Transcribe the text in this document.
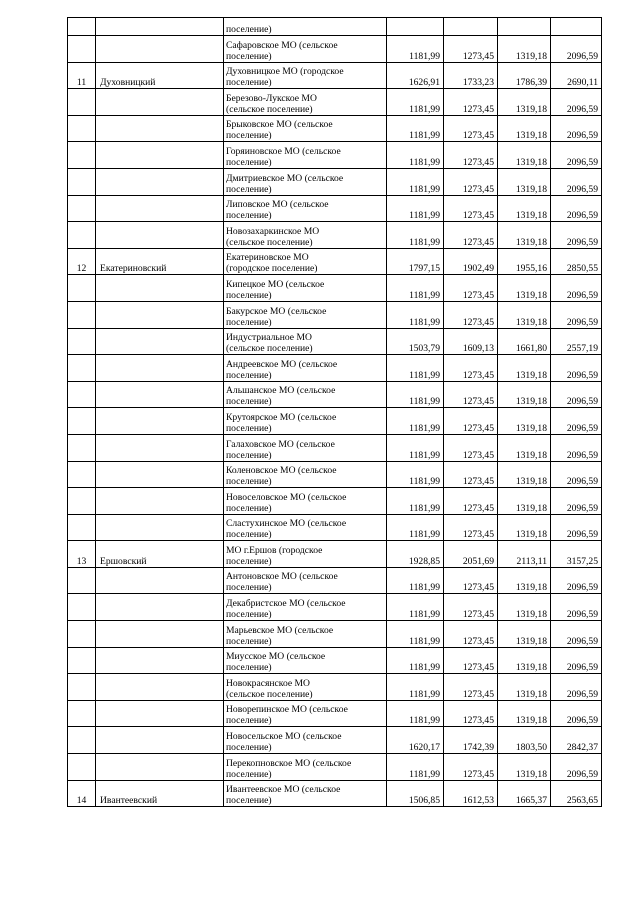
		поселение)				
		Сафаровское МО (сельское
поселение)	1181,99	1273,45	1319,18	2096,59
11	Духовницкий	Духовницкое МО (городское
поселение)	1626,91	1733,23	1786,39	2690,11
		Березово-Лукское МО
(сельское поселение)	1181,99	1273,45	1319,18	2096,59
		Брыковское МО (сельское
поселение)	1181,99	1273,45	1319,18	2096,59
		Горяиновское МО (сельское
поселение)	1181,99	1273,45	1319,18	2096,59
		Дмитриевское МО (сельское
поселение)	1181,99	1273,45	1319,18	2096,59
		Липовское МО (сельское
поселение)	1181,99	1273,45	1319,18	2096,59
		Новозахаркинское МО
(сельское поселение)	1181,99	1273,45	1319,18	2096,59
12	Екатериновский	Екатериновское МО
(городское поселение)	1797,15	1902,49	1955,16	2850,55
		Кипецкое МО (сельское
поселение)	1181,99	1273,45	1319,18	2096,59
		Бакурское МО (сельское
поселение)	1181,99	1273,45	1319,18	2096,59
		Индустриальное МО
(сельское поселение)	1503,79	1609,13	1661,80	2557,19
		Андреевское МО (сельское
поселение)	1181,99	1273,45	1319,18	2096,59
		Альшанское МО (сельское
поселение)	1181,99	1273,45	1319,18	2096,59
		Крутоярское МО (сельское
поселение)	1181,99	1273,45	1319,18	2096,59
		Галаховское МО (сельское
поселение)	1181,99	1273,45	1319,18	2096,59
		Коленовское МО (сельское
поселение)	1181,99	1273,45	1319,18	2096,59
		Новоселовское МО (сельское
поселение)	1181,99	1273,45	1319,18	2096,59
		Сластухинское МО (сельское
поселение)	1181,99	1273,45	1319,18	2096,59
13	Ершовский	МО г.Ершов (городское
поселение)	1928,85	2051,69	2113,11	3157,25
		Антоновское МО (сельское
поселение)	1181,99	1273,45	1319,18	2096,59
		Декабристское МО (сельское
поселение)	1181,99	1273,45	1319,18	2096,59
		Марьевское МО (сельское
поселение)	1181,99	1273,45	1319,18	2096,59
		Миусское МО (сельское
поселение)	1181,99	1273,45	1319,18	2096,59
		Новокрасянское МО
(сельское поселение)	1181,99	1273,45	1319,18	2096,59
		Новорепинское МО (сельское
поселение)	1181,99	1273,45	1319,18	2096,59
		Новосельское МО (сельское
поселение)	1620,17	1742,39	1803,50	2842,37
		Перекопновское МО (сельское
поселение)	1181,99	1273,45	1319,18	2096,59
14	Ивантеевский	Ивантеевское МО (сельское
поселение)	1506,85	1612,53	1665,37	2563,65
